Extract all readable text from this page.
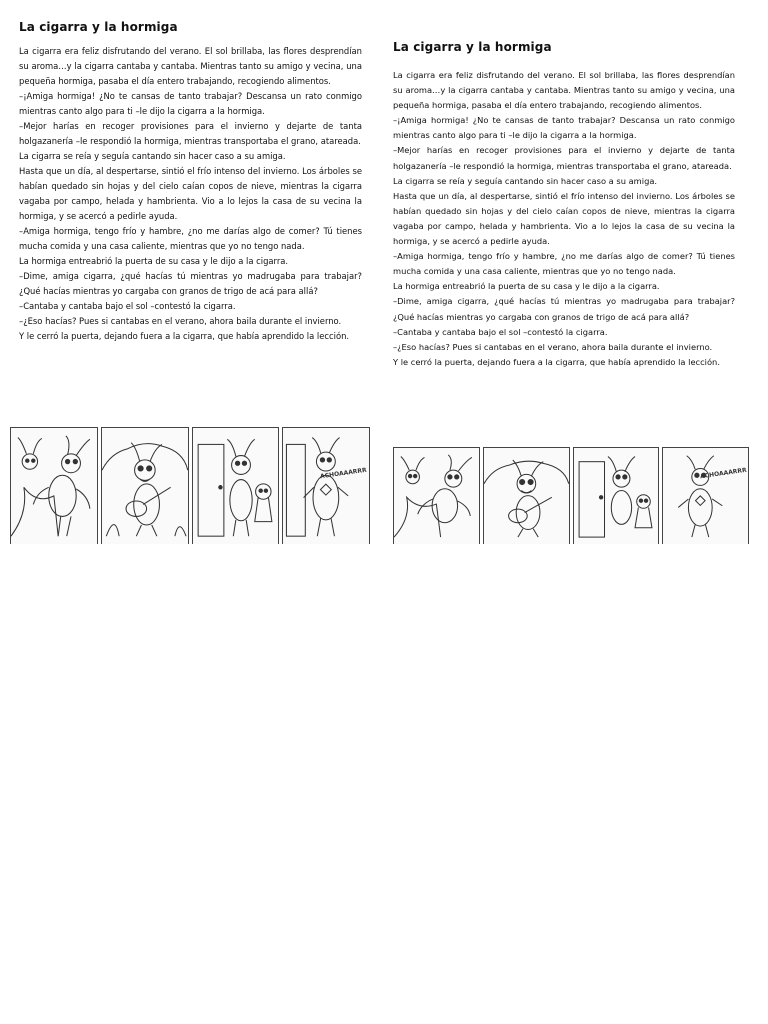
La cigarra y la hormiga

La cigarra era feliz disfrutando del verano. El sol brillaba, las flores desprendían su aroma…y la cigarra cantaba y cantaba. Mientras tanto su amigo y vecina, una pequeña hormiga, pasaba el día entero trabajando, recogiendo alimentos.

–¡Amiga hormiga! ¿No te cansas de tanto trabajar? Descansa un rato conmigo mientras canto algo para ti –le dijo la cigarra a la hormiga.

–Mejor harías en recoger provisiones para el invierno y dejarte de tanta holgazanería –le respondió la hormiga, mientras transportaba el grano, atareada.

La cigarra se reía y seguía cantando sin hacer caso a su amiga.

Hasta que un día, al despertarse, sintió el frío intenso del invierno. Los árboles se habían quedado sin hojas y del cielo caían copos de nieve, mientras la cigarra vagaba por campo, helada y hambrienta. Vio a lo lejos la casa de su vecina la hormiga, y se acercó a pedirle ayuda.

–Amiga hormiga, tengo frío y hambre, ¿no me darías algo de comer? Tú tienes mucha comida y una casa caliente, mientras que yo no tengo nada.

La hormiga entreabrió la puerta de su casa y le dijo a la cigarra.

–Dime, amiga cigarra, ¿qué hacías tú mientras yo madrugaba para trabajar? ¿Qué hacías mientras yo cargaba con granos de trigo de acá para allá?

–Cantaba y cantaba bajo el sol –contestó la cigarra.

–¿Eso hacías? Pues si cantabas en el verano, ahora baila durante el invierno.

Y le cerró la puerta, dejando fuera a la cigarra, que había aprendido la lección.

La cigarra y la hormiga

La cigarra era feliz disfrutando del verano. El sol brillaba, las flores desprendían su aroma…y la cigarra cantaba y cantaba. Mientras tanto su amigo y vecina, una pequeña hormiga, pasaba el día entero trabajando, recogiendo alimentos.

–¡Amiga hormiga! ¿No te cansas de tanto trabajar? Descansa un rato conmigo mientras canto algo para ti –le dijo la cigarra a la hormiga.

–Mejor harías en recoger provisiones para el invierno y dejarte de tanta holgazanería –le respondió la hormiga, mientras transportaba el grano, atareada.

La cigarra se reía y seguía cantando sin hacer caso a su amiga.

Hasta que un día, al despertarse, sintió el frío intenso del invierno. Los árboles se habían quedado sin hojas y del cielo caían copos de nieve, mientras la cigarra vagaba por campo, helada y hambrienta. Vio a lo lejos la casa de su vecina la hormiga, y se acercó a pedirle ayuda.

–Amiga hormiga, tengo frío y hambre, ¿no me darías algo de comer? Tú tienes mucha comida y una casa caliente, mientras que yo no tengo nada.

La hormiga entreabrió la puerta de su casa y le dijo a la cigarra.

–Dime, amiga cigarra, ¿qué hacías tú mientras yo madrugaba para trabajar? ¿Qué hacías mientras yo cargaba con granos de trigo de acá para allá?

–Cantaba y cantaba bajo el sol –contestó la cigarra.

–¿Eso hacías? Pues si cantabas en el verano, ahora baila durante el invierno.

Y le cerró la puerta, dejando fuera a la cigarra, que había aprendido la lección.

ACHOAAARRR	ACHOAAARRR
